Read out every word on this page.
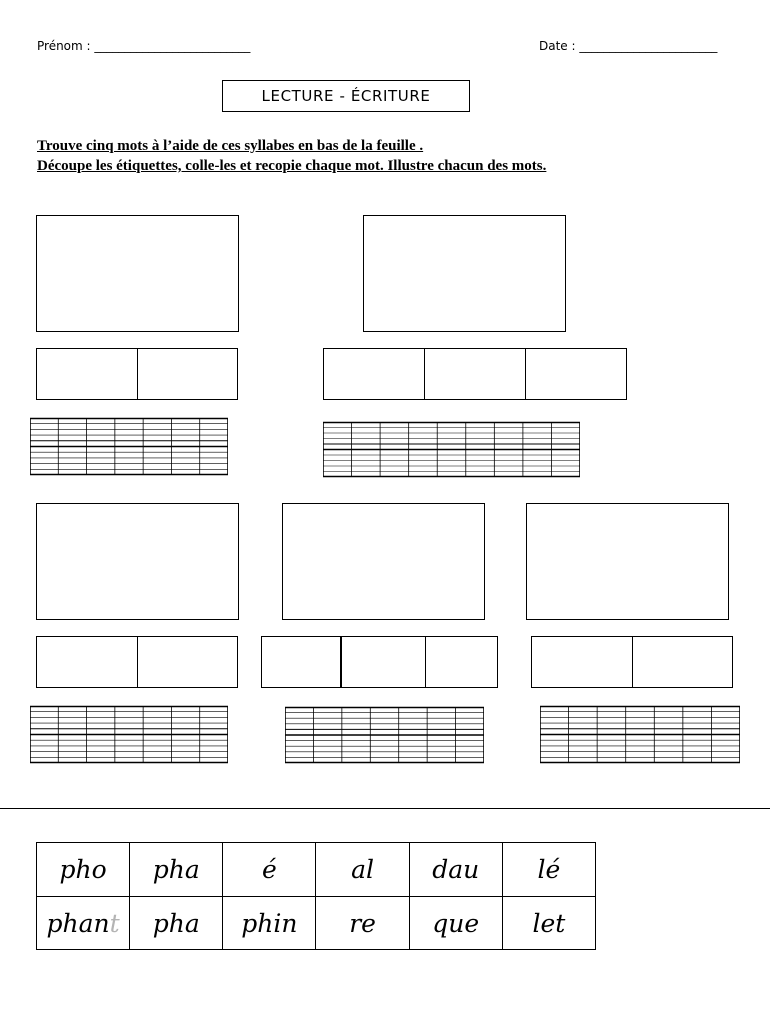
Prénom : __________________________	Date : _______________________
LECTURE - ÉCRITURE
Trouve cinq mots à l’aide de ces syllabes en bas de la feuille .
Découpe les étiquettes, colle-les et recopie chaque mot. Illustre chacun des mots.
pho pha é	al dau lé
phant pha phin re que let
